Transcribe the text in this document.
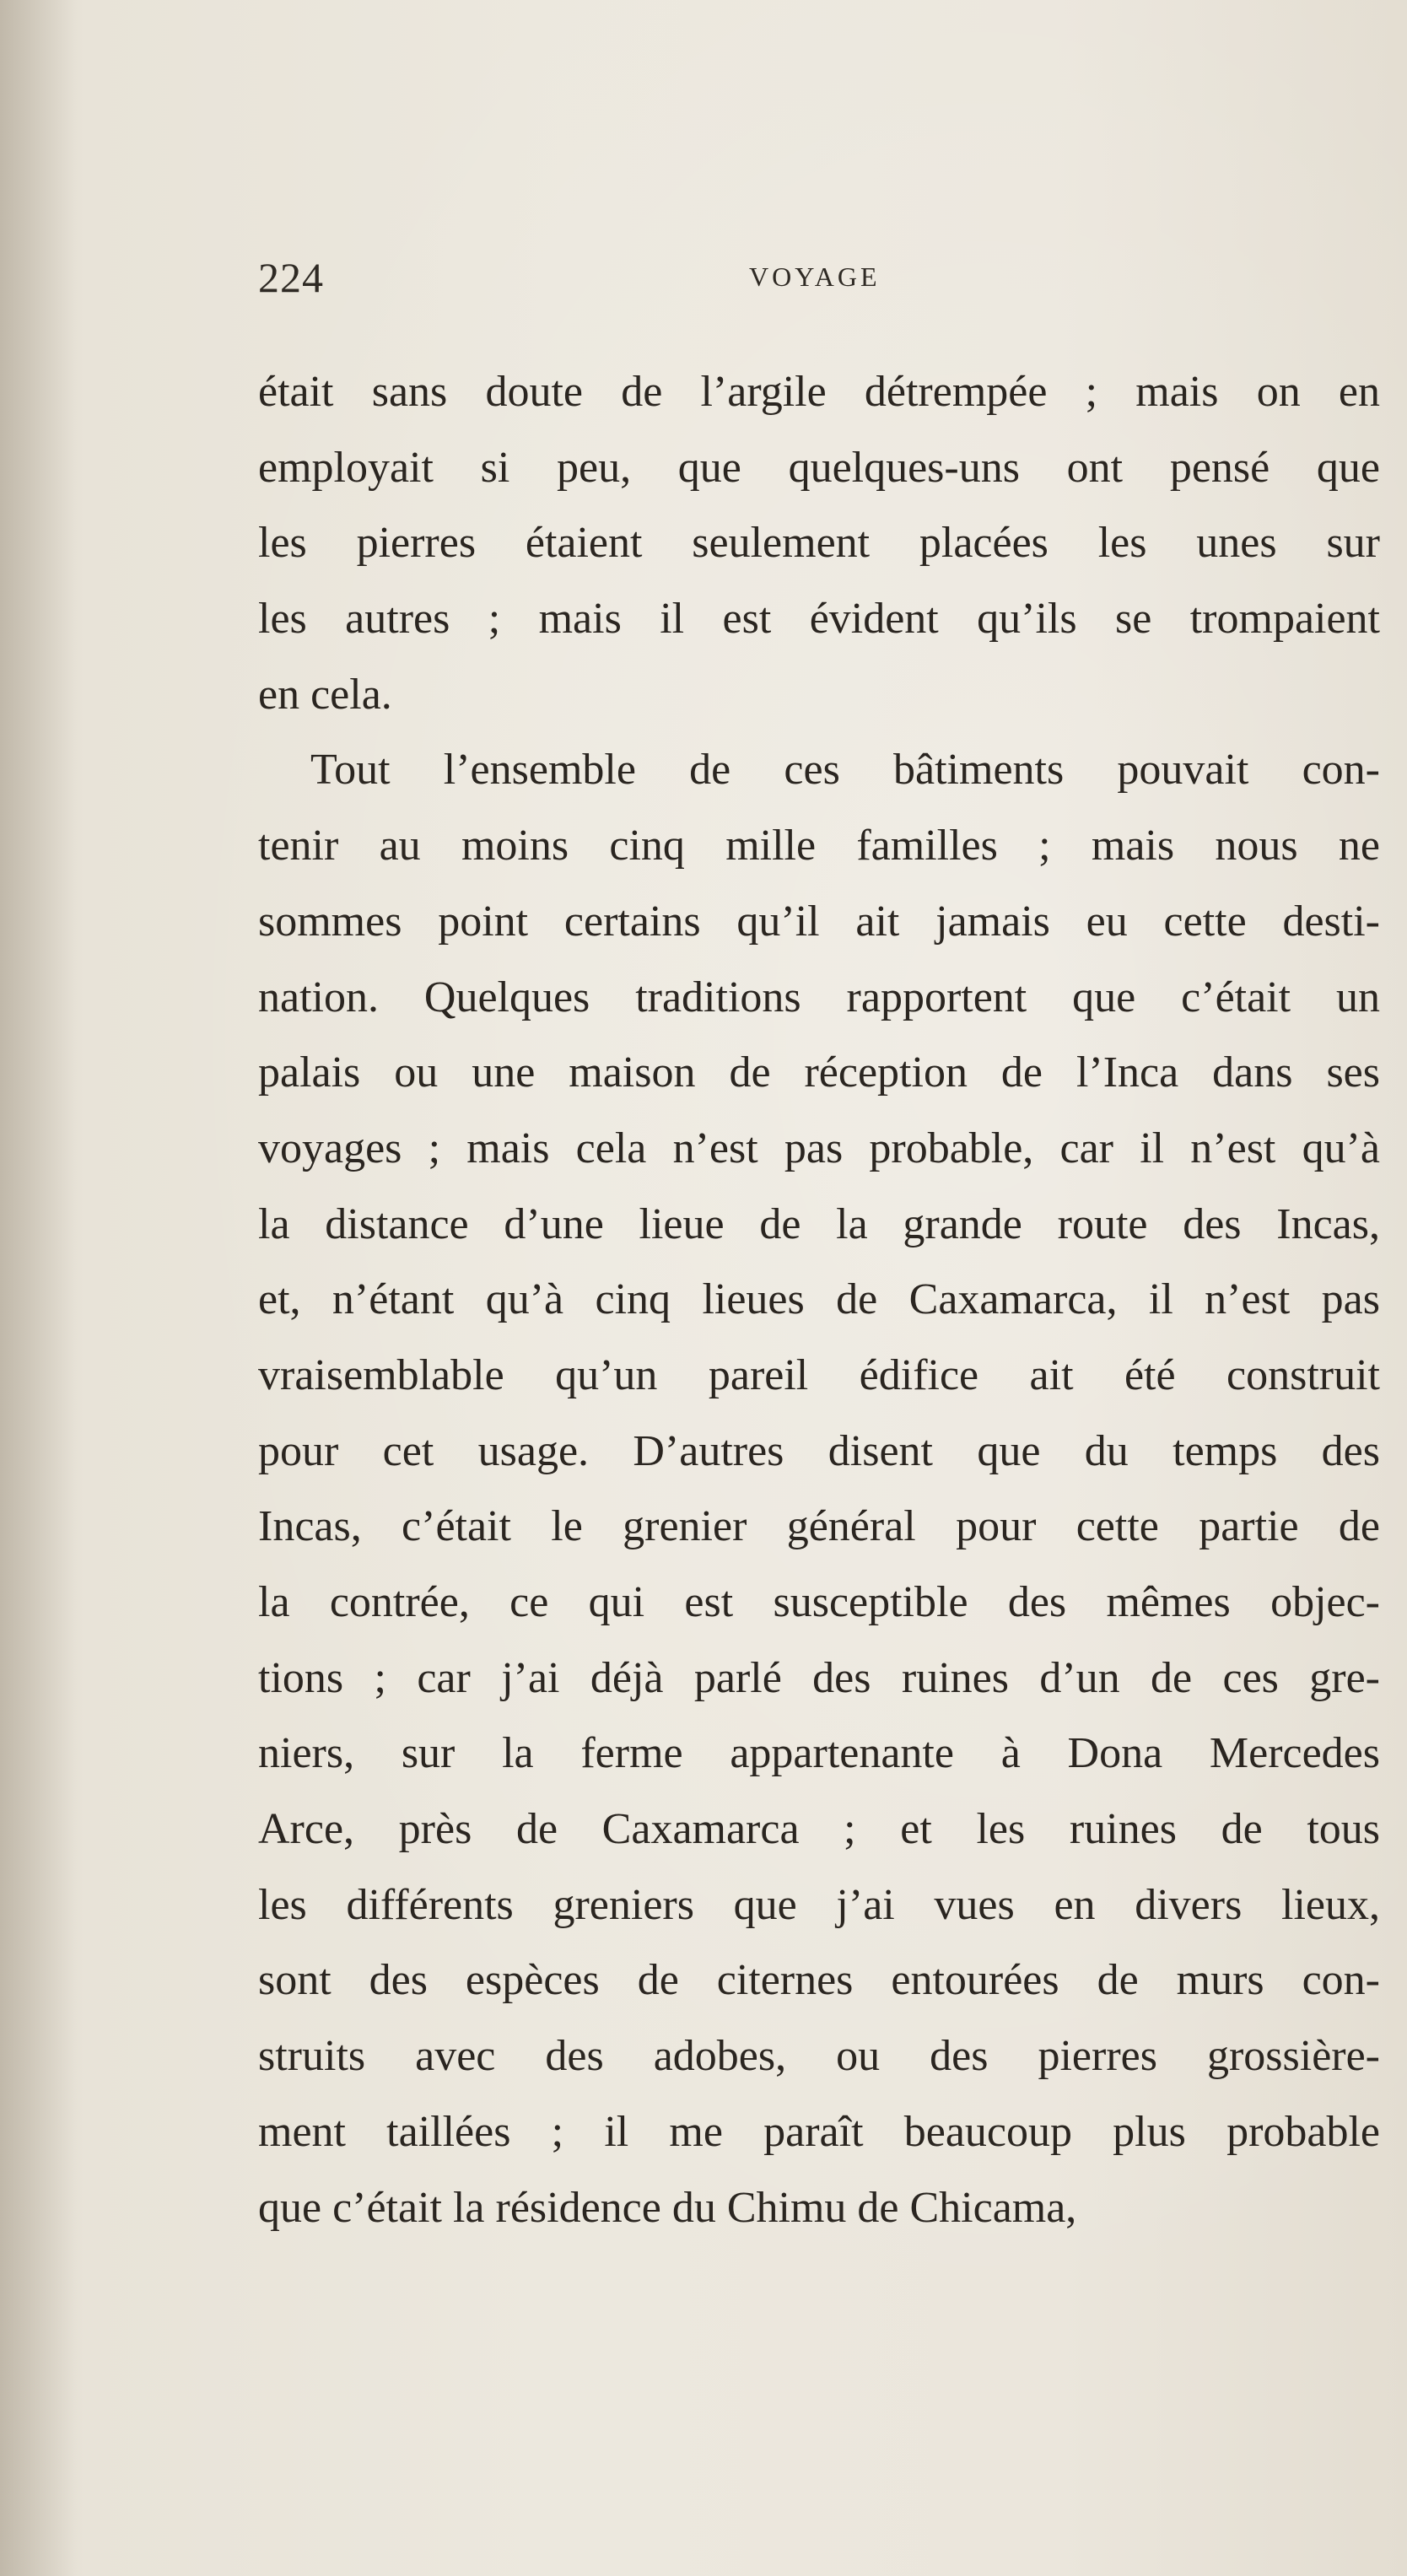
224	VOYAGE
était sans doute de l’argile détrempée ; mais on en
employait si peu, que quelques-uns ont pensé que
les pierres étaient seulement placées les unes sur
les autres ; mais il est évident qu’ils se trompaient
en cela.
Tout l’ensemble de ces bâtiments pouvait con-
tenir au moins cinq mille familles ; mais nous ne
sommes point certains qu’il ait jamais eu cette desti-
nation. Quelques traditions rapportent que c’était un
palais ou une maison de réception de l’Inca dans ses
voyages ; mais cela n’est pas probable, car il n’est qu’à
la distance d’une lieue de la grande route des Incas,
et, n’étant qu’à cinq lieues de Caxamarca, il n’est pas
vraisemblable qu’un pareil édifice ait été construit
pour cet usage. D’autres disent que du temps des
Incas, c’était le grenier général pour cette partie de
la contrée, ce qui est susceptible des mêmes objec-
tions ; car j’ai déjà parlé des ruines d’un de ces gre-
niers, sur la ferme appartenante à Dona Mercedes
Arce, près de Caxamarca ; et les ruines de tous
les différents greniers que j’ai vues en divers lieux,
sont des espèces de citernes entourées de murs con-
struits avec des adobes, ou des pierres grossière-
ment taillées ; il me paraît beaucoup plus probable
que c’était la résidence du Chimu de Chicama,
